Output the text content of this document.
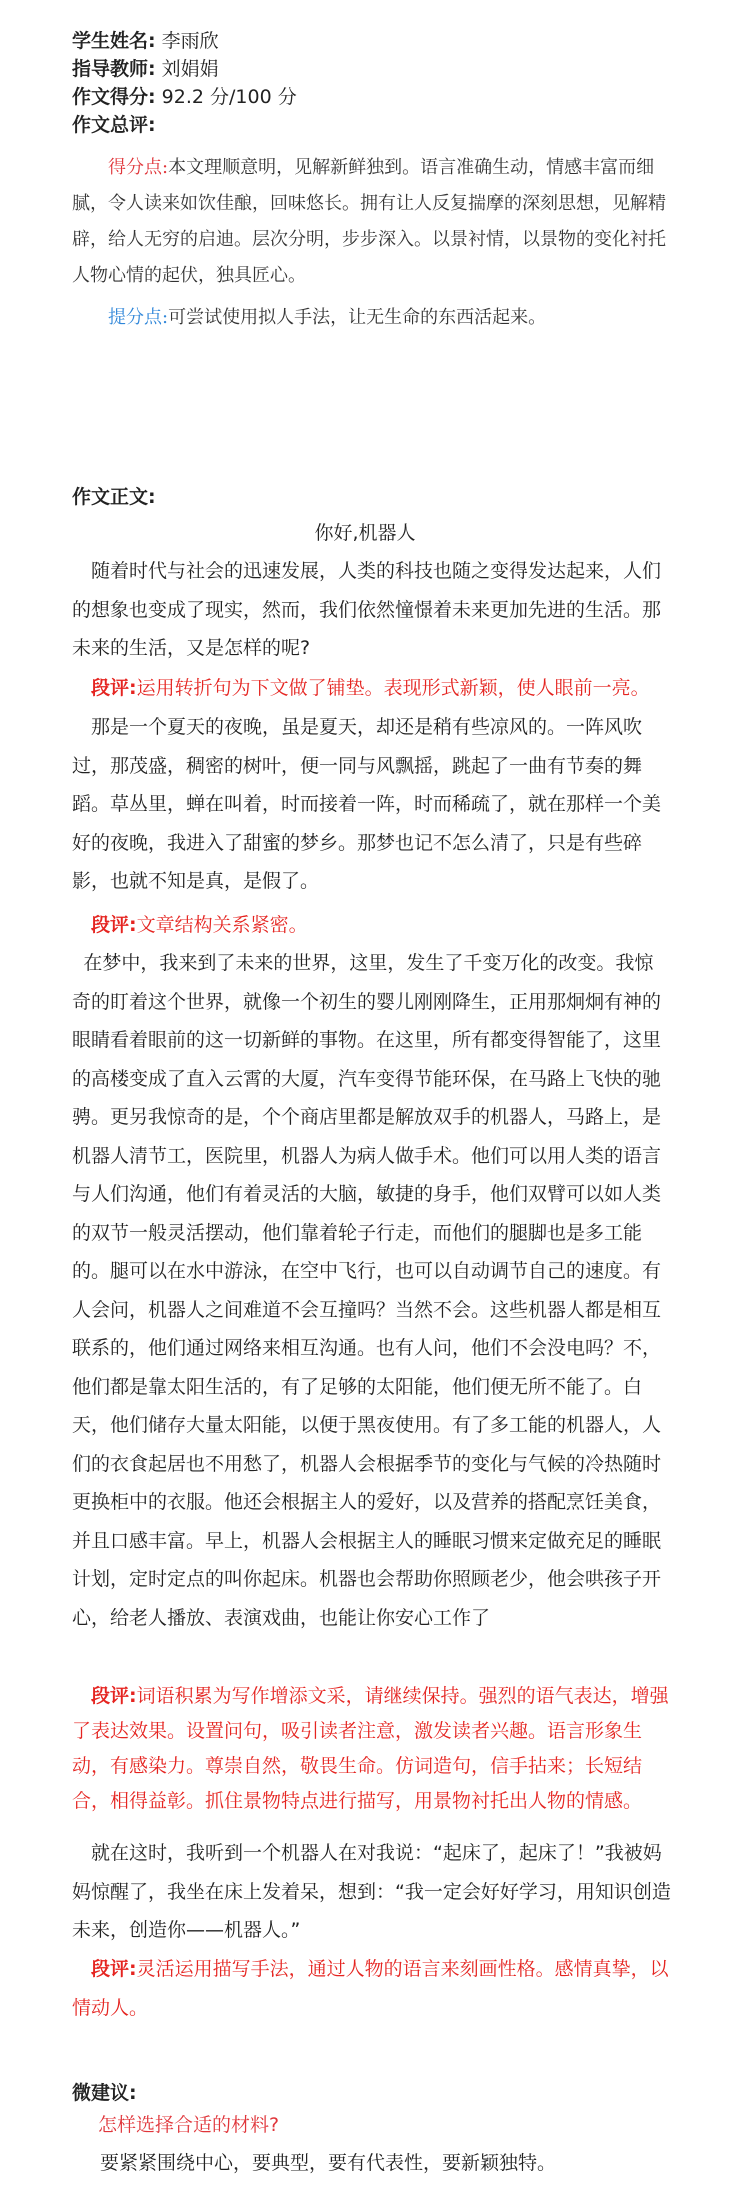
学生姓名: 李雨欣
指导教师: 刘娟娟
作文得分: 92.2 分/100 分
作文总评:
得分点:本文理顺意明，见解新鲜独到。语言准确生动，情感丰富而细腻，令人读来如饮佳酿，回味悠长。拥有让人反复揣摩的深刻思想，见解精辟，给人无穷的启迪。层次分明，步步深入。以景衬情，以景物的变化衬托人物心情的起伏，独具匠心。
提分点:可尝试使用拟人手法，让无生命的东西活起来。
作文正文:
你好,机器人
随着时代与社会的迅速发展，人类的科技也随之变得发达起来，人们的想象也变成了现实，然而，我们依然憧憬着未来更加先进的生活。那未来的生活，又是怎样的呢?
段评:运用转折句为下文做了铺垫。表现形式新颖，使人眼前一亮。
那是一个夏天的夜晚，虽是夏天，却还是稍有些凉风的。一阵风吹过，那茂盛，稠密的树叶，便一同与风飘摇，跳起了一曲有节奏的舞蹈。草丛里，蝉在叫着，时而接着一阵，时而稀疏了，就在那样一个美好的夜晚，我进入了甜蜜的梦乡。那梦也记不怎么清了，只是有些碎影，也就不知是真，是假了。
段评:文章结构关系紧密。
在梦中，我来到了未来的世界，这里，发生了千变万化的改变。我惊奇的盯着这个世界，就像一个初生的婴儿刚刚降生，正用那炯炯有神的眼睛看着眼前的这一切新鲜的事物。在这里，所有都变得智能了，这里的高楼变成了直入云霄的大厦，汽车变得节能环保，在马路上飞快的驰骋。更另我惊奇的是，个个商店里都是解放双手的机器人，马路上，是机器人清节工，医院里，机器人为病人做手术。他们可以用人类的语言与人们沟通，他们有着灵活的大脑，敏捷的身手，他们双臂可以如人类的双节一般灵活摆动，他们靠着轮子行走，而他们的腿脚也是多工能的。腿可以在水中游泳，在空中飞行，也可以自动调节自己的速度。有人会问，机器人之间难道不会互撞吗？当然不会。这些机器人都是相互联系的，他们通过网络来相互沟通。也有人问，他们不会没电吗？不，他们都是靠太阳生活的，有了足够的太阳能，他们便无所不能了。白天，他们储存大量太阳能，以便于黑夜使用。有了多工能的机器人，人们的衣食起居也不用愁了，机器人会根据季节的变化与气候的冷热随时更换柜中的衣服。他还会根据主人的爱好，以及营养的搭配烹饪美食，并且口感丰富。早上，机器人会根据主人的睡眠习惯来定做充足的睡眠计划，定时定点的叫你起床。机器也会帮助你照顾老少，他会哄孩子开心，给老人播放、表演戏曲，也能让你安心工作了
段评:词语积累为写作增添文采，请继续保持。强烈的语气表达，增强了表达效果。设置问句，吸引读者注意，激发读者兴趣。语言形象生动，有感染力。尊崇自然，敬畏生命。仿词造句，信手拈来；长短结合，相得益彰。抓住景物特点进行描写，用景物衬托出人物的情感。
就在这时，我听到一个机器人在对我说：“起床了，起床了！”我被妈妈惊醒了，我坐在床上发着呆，想到：“我一定会好好学习，用知识创造未来，创造你——机器人。”
段评:灵活运用描写手法，通过人物的语言来刻画性格。感情真挚，以情动人。
微建议:
怎样选择合适的材料?
要紧紧围绕中心，要典型，要有代表性，要新颖独特。
